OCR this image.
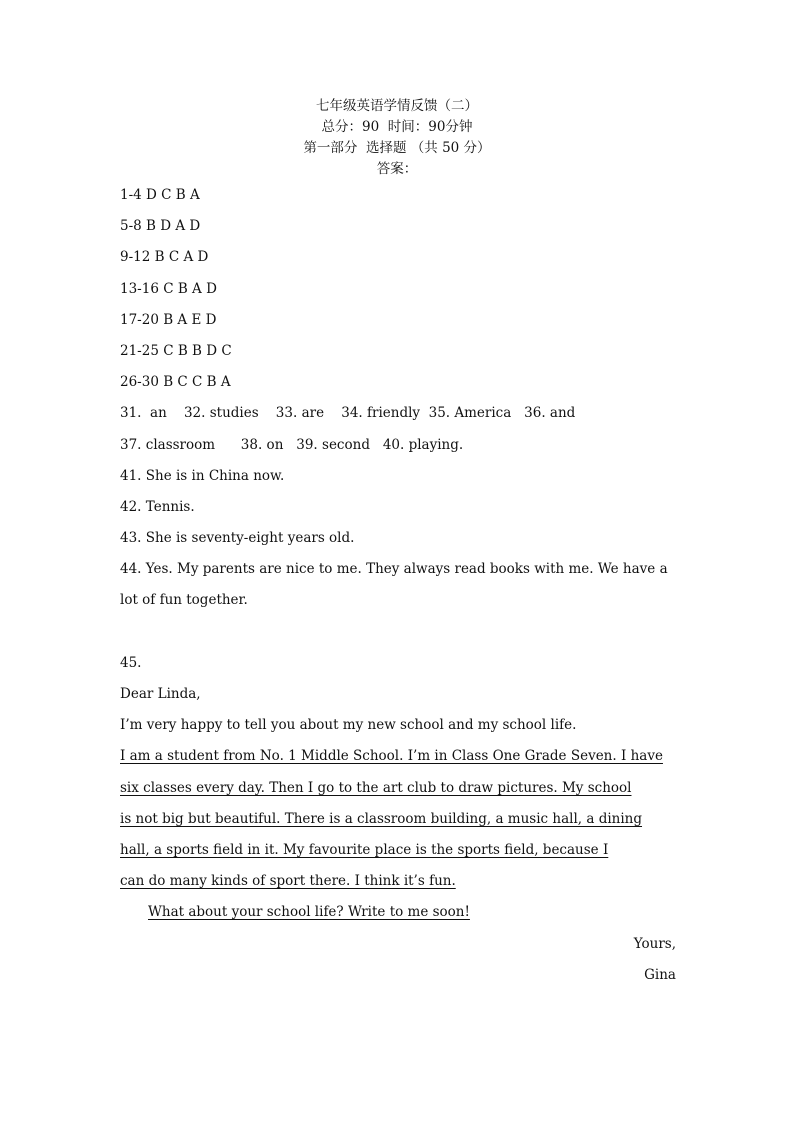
七年级英语学情反馈（二）
总分：90  时间：90分钟
第一部分  选择题 （共 50 分）
答案：
1-4 D C B A
5-8 B D A D
9-12 B C A D
13-16 C B A D
17-20 B A E D
21-25 C B B D C
26-30 B C C B A
31.  an    32. studies    33. are    34. friendly  35. America   36. and
37. classroom      38. on   39. second   40. playing.
41. She is in China now.
42. Tennis.
43. She is seventy-eight years old.
44. Yes. My parents are nice to me. They always read books with me. We have a
lot of fun together.
45.
Dear Linda,
I’m very happy to tell you about my new school and my school life.
I am a student from No. 1 Middle School. I’m in Class One Grade Seven. I have
six classes every day. Then I go to the art club to draw pictures. My school
is not big but beautiful. There is a classroom building, a music hall, a dining
hall, a sports field in it. My favourite place is the sports field, because I
can do many kinds of sport there. I think it’s fun.
What about your school life? Write to me soon!
Yours,
Gina
